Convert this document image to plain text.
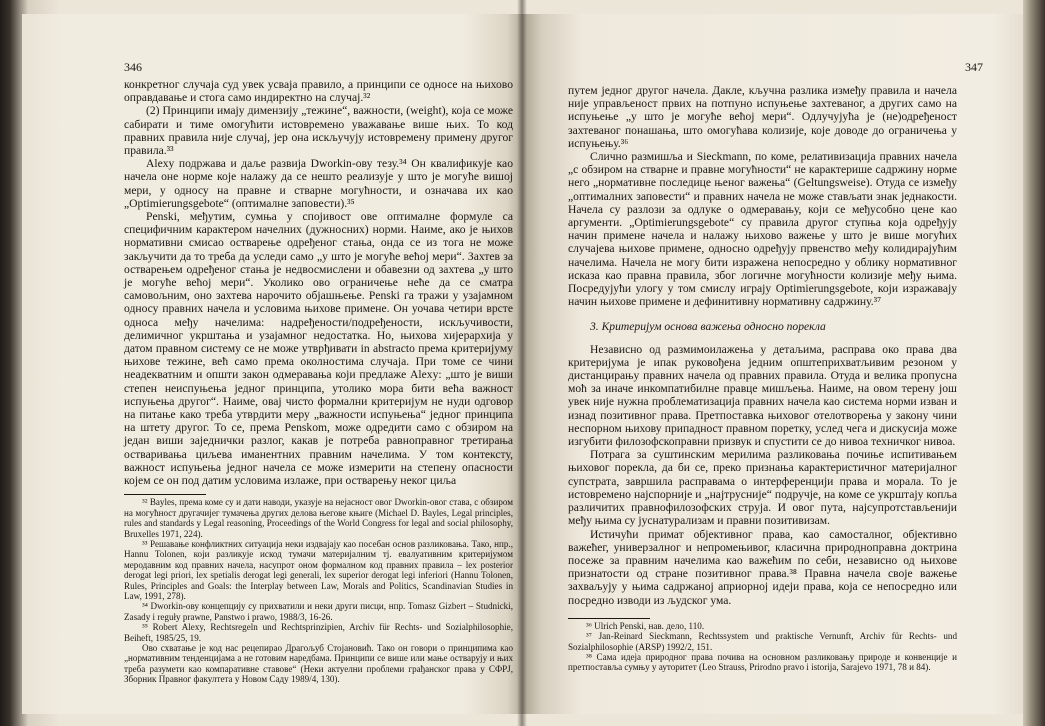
346

конкретног случаја суд увек усваја правило, а принципи се односе на њихово оправдавање и стога само индиректно на случај.³²

(2) Принципи имају димензију „тежине“, важности, (weight), која се може сабирати и тиме омогућити истовремено уважавање више њих. То код правних правила није случај, јер она искључују истовремену примену другог правила.³³

Alexy подржава и даље развија Dworkin-ову тезу.³⁴ Он квалификује као начела оне норме које налажу да се нешто реализује у што је могуће вишој мери, у односу на правне и стварне могућности, и означава их као „Optimierungsgebote“ (оптималне заповести).³⁵

Penski, међутим, сумња у споjивост ове оптималне формуле са специфичним карактером начелних (дужносних) норми. Наиме, ако је њихов нормативни смисао остварење одређеног стања, онда се из тога не може закључити да то треба да уследи само „у што је могуће већој мери“. Захтев за остварењем одређеног стања је недвосмислени и обавезни од захтева „у што је могуће већој мери“. Уколико ово ограничење неће да се сматра самовољним, оно захтева нарочито објашњење. Penski га тражи у узајамном односу правних начела и условима њихове примене. Он уочава четири врсте односа међу начелима: надређености/подређености, искључивости, делимичног укрштања и узајамног недостатка. Но, њихова хијерархија у датом правном систему се не може утврђивати in abstracto према критеријуму њихове тежине, већ само према околностима случаја. При томе се чини неадекватним и општи закон одмеравања који предлаже Alexy: „што је виши степен неиспуњења једног принципа, утолико мора бити већа важност испуњења другог“. Наиме, овај чисто формални критеријум не нуди одговор на питање како треба утврдити меру „важности испуњења“ једног принципа на штету другог. То се, према Penskom, може одредити само с обзиром на један виши заједнички разлог, какав је потреба равноправног третирања остваривања циљева иманентних правним начелима. У том контексту, важност испуњења једног начела се може измерити на степену опасности којем се он под датим условима излаже, при остварењу неког циља

³² Bayles, према коме су и дати наводи, указује на нејасност овог Dworkin-овог става, с обзиром на могућност другачијег тумачења других делова његове књиге (Michael D. Bayles, Legal principles, rules and standards у Legal reasoning, Proceedings of the World Congress for legal and social philosophy, Bruxelles 1971, 224).

³³ Решавање конфликтних ситуација неки издвајају као посебан основ разликовања. Тако, нпр., Hannu Tolonen, који разликује искод тумачи материјалним тј. евалуативним критеријумом меродавним код правних начела, насупрот оном формалном код правних правила – lex posterior derogat legi priori, lex spetialis derogat legi generali, lex superior derogat legi inferiori (Hannu Tolonen, Rules, Principles and Goals: the Interplay between Law, Morals and Politics, Scandinavian Studies in Law, 1991, 278).

³⁴ Dworkin-ову концепцију су прихватили и неки други писци, нпр. Tomasz Gizbert – Studnicki, Zasady i reguły prawne, Panstwo i prawo, 1988/3, 16-26.

³⁵ Robert Alexy, Rechtsregeln und Rechtsprinzipien, Archiv für Rechts- und Sozialphilosophie, Beiheft, 1985/25, 19.

Ово схватање је код нас рецепирао Драгољуб Стојановић. Тако он говори о принципима као „нормативним тенденцијама а не готовим наредбама. Принципи се више или мање остварују и њих треба разумети као компаративне ставове“ (Неки актуелни проблеми грађанског права у СФРЈ, Зборник Правног факултета у Новом Саду 1989/4, 130).

347

путем једног другог начела. Дакле, кључна разлика између правила и начела није управљеност првих на потпуно испуњење захтеваног, а других само на испуњење „у што је могуће већој мери“. Одлучујућа је (не)одређеност захтеваног понашања, што омогућава колизије, које доводе до ограничења у испуњењу.³⁶

Слично размишља и Sieckmann, по коме, релативизација правних начела „с обзиром на стварне и правне могућности“ не карактерише садржину норме него „нормативне последице њеног важења“ (Geltungsweise). Отуда се између „оптималних заповести“ и правних начела не може стављати знак једнакости. Начела су разлози за одлуке о одмеравању, који се међусобно цене као аргументи. „Optimierungsgebote“ су правила другог ступња која одређују начин примене начела и налажу њихово важење у што је више могућих случајева њихове примене, односно одређују првенство међу колидирајућим начелима. Начела не могу бити изражена непосредно у облику нормативног исказа као правна правила, због логичне могућности колизије међу њима. Посредујући улогу у том смислу играју Optimierungsgebote, који изражавају начин њихове примене и дефинитивну нормативну садржину.³⁷

3. Критеријум основа важења односно порекла

Независно од размимоилажења у детаљима, расправа око права два критеријума је ипак руковођена једним општеприхватљивим резоном у дистанцирању правних начела од правних правила. Отуда и велика пропусна моћ за иначе инкомпатибилне правце мишљења. Наиме, на овом терену још увек није нужна проблематизација правних начела као система норми изван и изнад позитивног права. Претпоставка њиховог отелотворења у закону чини неспорном њихову припадност правном поретку, услед чега и дискусија може изгубити филозофскоправни призвук и спустити се до нивоа техничког нивоа.

Потрага за суштинским мерилима разликовања почиње испитивањем њиховог порекла, да би се, преко признања карактеристичног материјалног супстрата, завршила расправама о интерференцији права и морала. То је истовремено најспорније и „најтрусније“ подручје, на коме се укрштају копља различитих правнофилозофских струја. И овог пута, најсупротстављенији међу њима су јуснатурализам и правни позитивизам.

Истичући примат објективног права, као самосталног, објективно важећег, универзалног и непромењивог, класична природноправна доктрина посеже за правним начелима као важећим по себи, независно од њихове признатости од стране позитивног права.³⁸ Правна начела своје важење захваљују у њима садржаној априорној идеји права, која се непосредно или посредно изводи из људског ума.

³⁶ Ulrich Penski, нав. дело, 110.

³⁷ Jan-Reinard Sieckmann, Rechtssystem und praktische Vernunft, Archiv für Rechts- und Sozialphilosophie (ARSP) 1992/2, 151.

³⁸ Сама идеја природног права почива на основном разликовању природе и конвенције и претпоставља сумњу у ауторитет (Leo Strauss, Prirodno pravo i istorija, Sarajevo 1971, 78 и 84).
